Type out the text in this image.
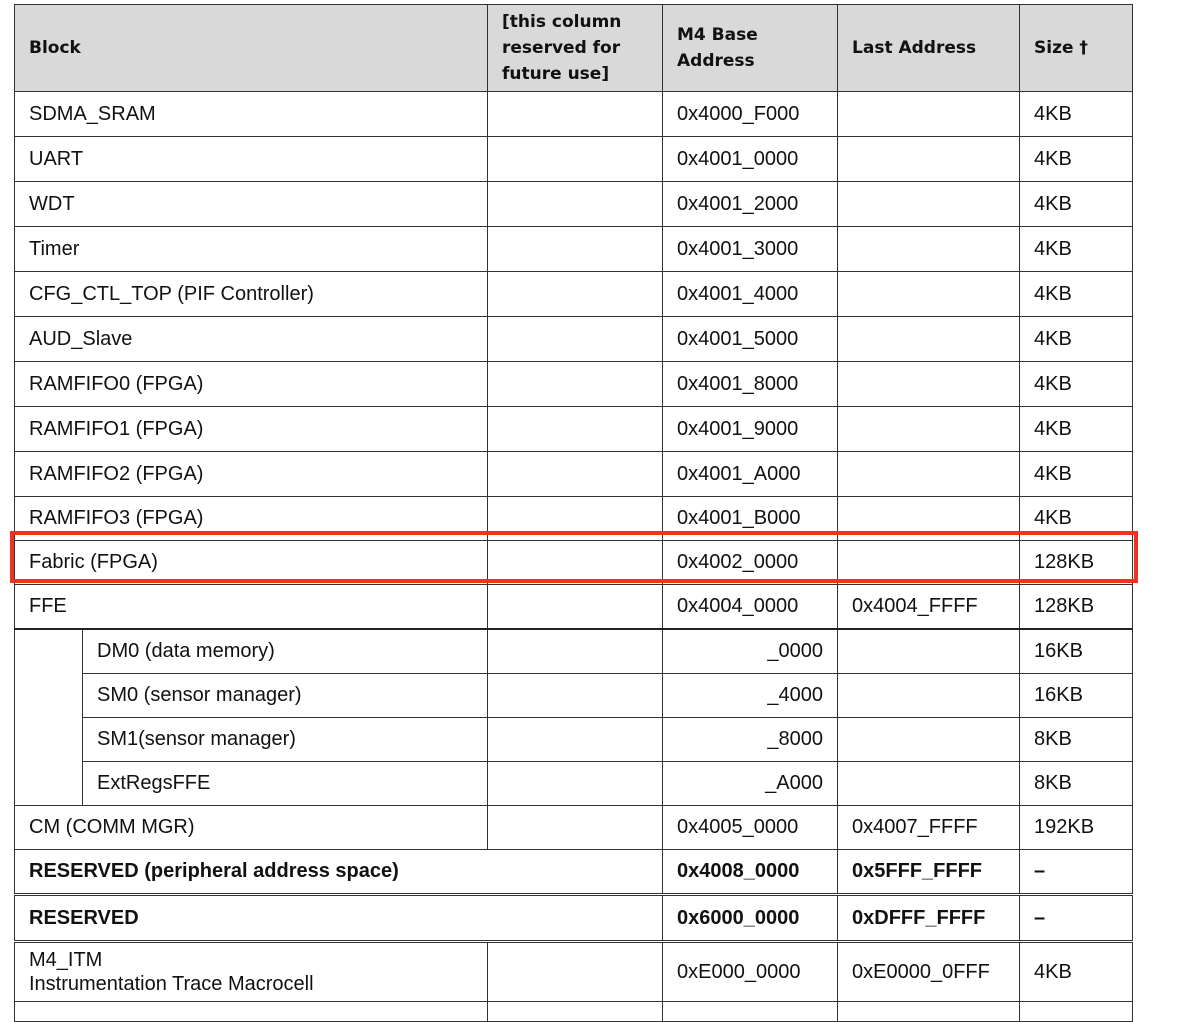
Block		[this column reserved for future use]	M4 Base Address	Last Address	Size †
SDMA_SRAM			0x4000_F000		4KB
UART			0x4001_0000		4KB
WDT			0x4001_2000		4KB
Timer			0x4001_3000		4KB
CFG_CTL_TOP (PIF Controller)			0x4001_4000		4KB
AUD_Slave			0x4001_5000		4KB
RAMFIFO0 (FPGA)			0x4001_8000		4KB
RAMFIFO1 (FPGA)			0x4001_9000		4KB
RAMFIFO2 (FPGA)			0x4001_A000		4KB
RAMFIFO3 (FPGA)			0x4001_B000		4KB
Fabric (FPGA)			0x4002_0000		128KB
FFE			0x4004_0000	0x4004_FFFF	128KB
	DM0 (data memory)		_0000		16KB
	SM0 (sensor manager)		_4000		16KB
	SM1(sensor manager)		_8000		8KB
	ExtRegsFFE		_A000		8KB
CM (COMM MGR)			0x4005_0000	0x4007_FFFF	192KB
RESERVED (peripheral address space)			0x4008_0000	0x5FFF_FFFF	–
RESERVED			0x6000_0000	0xDFFF_FFFF	–
M4_ITM
Instrumentation Trace Macrocell			0xE000_0000	0xE0000_0FFF	4KB
